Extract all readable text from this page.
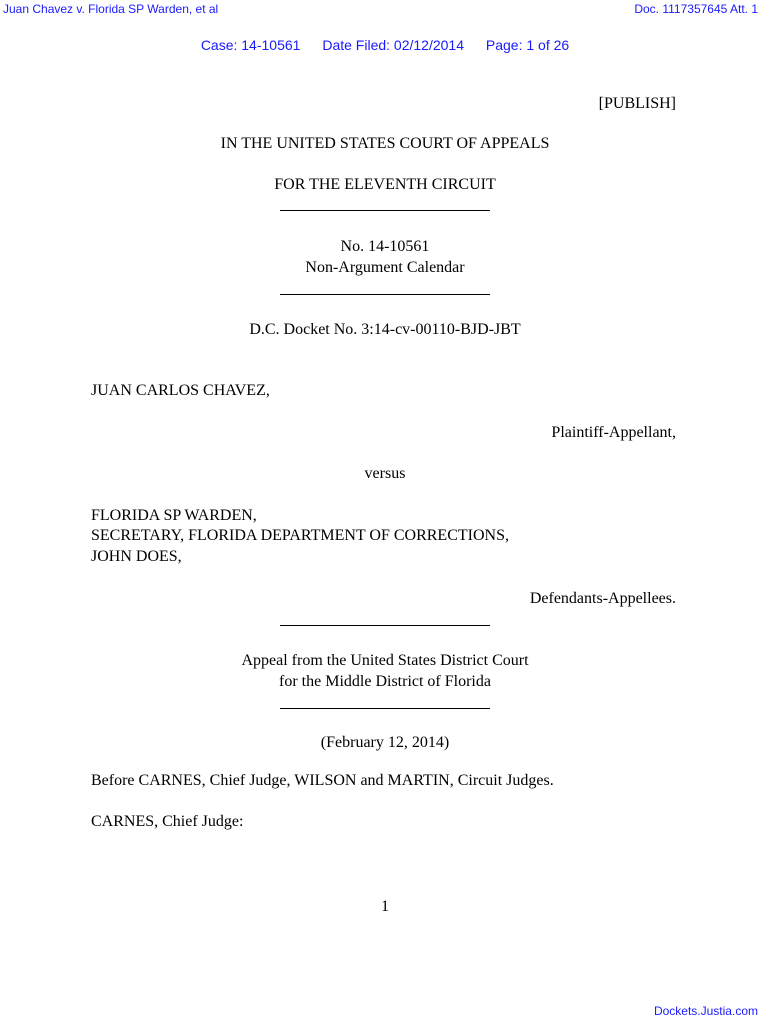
Juan Chavez v. Florida SP Warden, et al	Doc. 1117357645 Att. 1
Case: 14-10561 Date Filed: 02/12/2014 Page: 1 of 26
[PUBLISH]
IN THE UNITED STATES COURT OF APPEALS
FOR THE ELEVENTH CIRCUIT
No. 14-10561
Non-Argument Calendar
D.C. Docket No. 3:14-cv-00110-BJD-JBT
JUAN CARLOS CHAVEZ,
Plaintiff-Appellant,
versus
FLORIDA SP WARDEN,
SECRETARY, FLORIDA DEPARTMENT OF CORRECTIONS,
JOHN DOES,
Defendants-Appellees.
Appeal from the United States District Court
for the Middle District of Florida
(February 12, 2014)
Before CARNES, Chief Judge, WILSON and MARTIN, Circuit Judges.
CARNES, Chief Judge:
1
Dockets.Justia.com
